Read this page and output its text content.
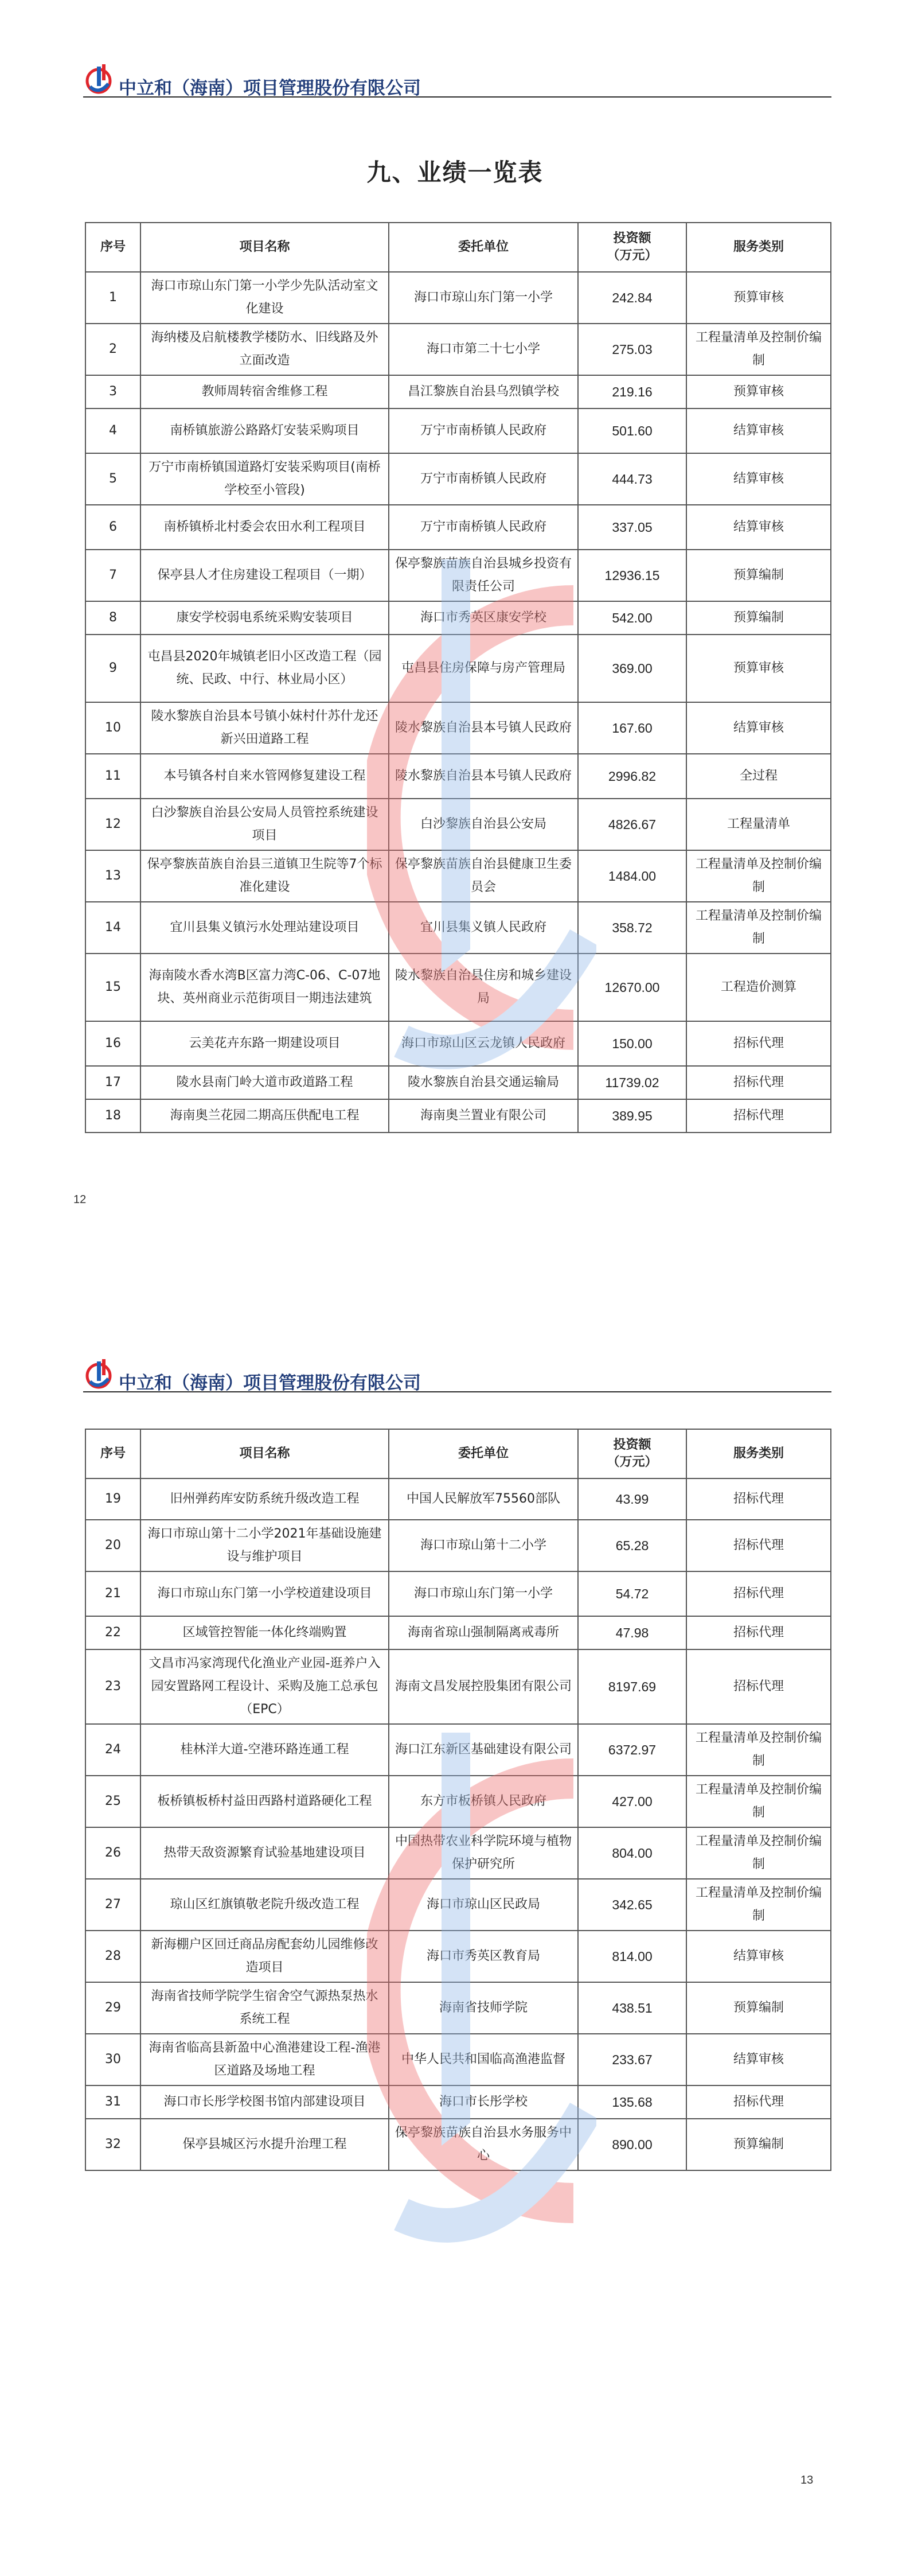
中立和（海南）项目管理股份有限公司
九、业绩一览表
序号	项目名称	委托单位	投资额
（万元）	服务类别
1	海口市琼山东门第一小学少先队活动室文化建设	海口市琼山东门第一小学	242.84	预算审核
2	海纳楼及启航楼教学楼防水、旧线路及外立面改造	海口市第二十七小学	275.03	工程量清单及控制价编制
3	教师周转宿舍维修工程	昌江黎族自治县乌烈镇学校	219.16	预算审核
4	南桥镇旅游公路路灯安装采购项目	万宁市南桥镇人民政府	501.60	结算审核
5	万宁市南桥镇国道路灯安装采购项目(南桥学校至小管段)	万宁市南桥镇人民政府	444.73	结算审核
6	南桥镇桥北村委会农田水利工程项目	万宁市南桥镇人民政府	337.05	结算审核
7	保亭县人才住房建设工程项目（一期）	保亭黎族苗族自治县城乡投资有限责任公司	12936.15	预算编制
8	康安学校弱电系统采购安装项目	海口市秀英区康安学校	542.00	预算编制
9	屯昌县2020年城镇老旧小区改造工程（园统、民政、中行、林业局小区）	屯昌县住房保障与房产管理局	369.00	预算审核
10	陵水黎族自治县本号镇小妹村什苏什龙还新兴田道路工程	陵水黎族自治县本号镇人民政府	167.60	结算审核
11	本号镇各村自来水管网修复建设工程	陵水黎族自治县本号镇人民政府	2996.82	全过程
12	白沙黎族自治县公安局人员管控系统建设项目	白沙黎族自治县公安局	4826.67	工程量清单
13	保亭黎族苗族自治县三道镇卫生院等7个标准化建设	保亭黎族苗族自治县健康卫生委员会	1484.00	工程量清单及控制价编制
14	宜川县集义镇污水处理站建设项目	宜川县集义镇人民政府	358.72	工程量清单及控制价编制
15	海南陵水香水湾B区富力湾C-06、C-07地块、英州商业示范街项目一期违法建筑	陵水黎族自治县住房和城乡建设局	12670.00	工程造价测算
16	云美花卉东路一期建设项目	海口市琼山区云龙镇人民政府	150.00	招标代理
17	陵水县南门岭大道市政道路工程	陵水黎族自治县交通运输局	11739.02	招标代理
18	海南奥兰花园二期高压供配电工程	海南奥兰置业有限公司	389.95	招标代理
12
中立和（海南）项目管理股份有限公司
序号	项目名称	委托单位	投资额
（万元）	服务类别
19	旧州弹药库安防系统升级改造工程	中国人民解放军75560部队	43.99	招标代理
20	海口市琼山第十二小学2021年基础设施建设与维护项目	海口市琼山第十二小学	65.28	招标代理
21	海口市琼山东门第一小学校道建设项目	海口市琼山东门第一小学	54.72	招标代理
22	区域管控智能一体化终端购置	海南省琼山强制隔离戒毒所	47.98	招标代理
23	文昌市冯家湾现代化渔业产业园-逛养户入园安置路网工程设计、采购及施工总承包（EPC）	海南文昌发展控股集团有限公司	8197.69	招标代理
24	桂林洋大道-空港环路连通工程	海口江东新区基础建设有限公司	6372.97	工程量清单及控制价编制
25	板桥镇板桥村益田西路村道路硬化工程	东方市板桥镇人民政府	427.00	工程量清单及控制价编制
26	热带天敌资源繁育试验基地建设项目	中国热带农业科学院环境与植物保护研究所	804.00	工程量清单及控制价编制
27	琼山区红旗镇敬老院升级改造工程	海口市琼山区民政局	342.65	工程量清单及控制价编制
28	新海棚户区回迁商品房配套幼儿园维修改造项目	海口市秀英区教育局	814.00	结算审核
29	海南省技师学院学生宿舍空气源热泵热水系统工程	海南省技师学院	438.51	预算编制
30	海南省临高县新盈中心渔港建设工程-渔港区道路及场地工程	中华人民共和国临高渔港监督	233.67	结算审核
31	海口市长彤学校图书馆内部建设项目	海口市长彤学校	135.68	招标代理
32	保亭县城区污水提升治理工程	保亭黎族苗族自治县水务服务中心	890.00	预算编制
13
